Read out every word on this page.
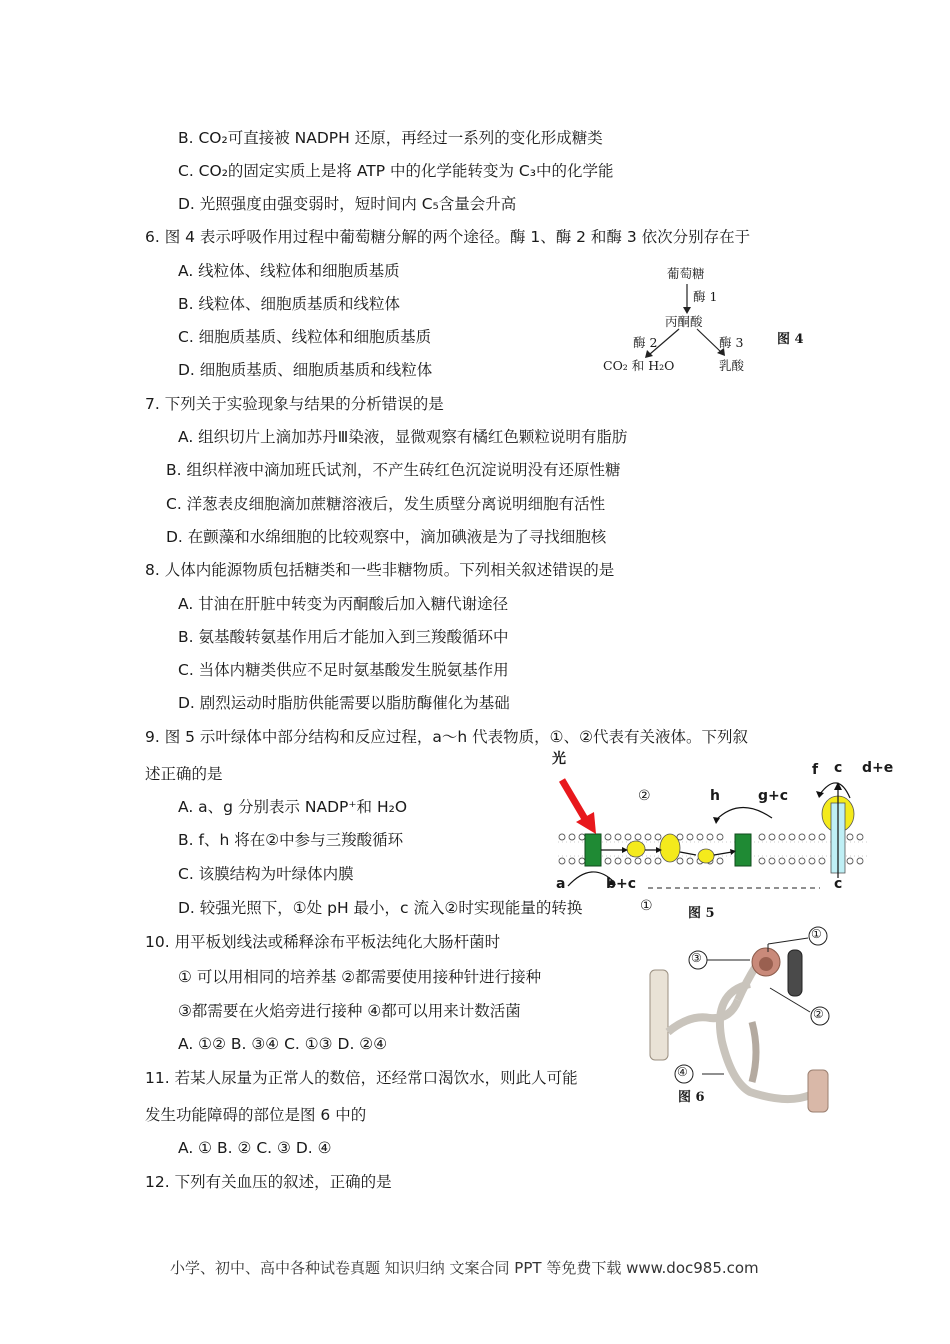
B. CO₂可直接被 NADPH 还原，再经过一系列的变化形成糖类
C. CO₂的固定实质上是将 ATP 中的化学能转变为 C₃中的化学能
D. 光照强度由强变弱时，短时间内 C₅含量会升高
6. 图 4 表示呼吸作用过程中葡萄糖分解的两个途径。酶 1、酶 2 和酶 3 依次分别存在于
A. 线粒体、线粒体和细胞质基质
B. 线粒体、细胞质基质和线粒体
C. 细胞质基质、线粒体和细胞质基质
D. 细胞质基质、细胞质基质和线粒体
7. 下列关于实验现象与结果的分析错误的是
A. 组织切片上滴加苏丹Ⅲ染液，显微观察有橘红色颗粒说明有脂肪
B. 组织样液中滴加班氏试剂，不产生砖红色沉淀说明没有还原性糖
C. 洋葱表皮细胞滴加蔗糖溶液后，发生质壁分离说明细胞有活性
D. 在颤藻和水绵细胞的比较观察中，滴加碘液是为了寻找细胞核
8. 人体内能源物质包括糖类和一些非糖物质。下列相关叙述错误的是
A. 甘油在肝脏中转变为丙酮酸后加入糖代谢途径
B. 氨基酸转氨基作用后才能加入到三羧酸循环中
C. 当体内糖类供应不足时氨基酸发生脱氨基作用
D. 剧烈运动时脂肪供能需要以脂肪酶催化为基础
9. 图 5 示叶绿体中部分结构和反应过程，a～h 代表物质，①、②代表有关液体。下列叙
述正确的是
A. a、g 分别表示 NADP⁺和 H₂O
B. f、h 将在②中参与三羧酸循环
C. 该膜结构为叶绿体内膜
D. 较强光照下，①处 pH 最小，c 流入②时实现能量的转换
10. 用平板划线法或稀释涂布平板法纯化大肠杆菌时
① 可以用相同的培养基 ②都需要使用接种针进行接种
③都需要在火焰旁进行接种 ④都可以用来计数活菌
A. ①② B. ③④ C. ①③ D. ②④
11. 若某人尿量为正常人的数倍，还经常口渴饮水，则此人可能
发生功能障碍的部位是图 6 中的
A. ① B. ② C. ③ D. ④
12. 下列有关血压的叙述，正确的是
葡萄糖
酶 1
丙酮酸
酶 2	酶 3
CO₂ 和 H₂O	乳酸
图 4
光
②	h	g+c
f c d+e
a	b+c	c
①	图 5
①
③
②
④
图 6
小学、初中、高中各种试卷真题 知识归纳 文案合同 PPT 等免费下载 www.doc985.com
